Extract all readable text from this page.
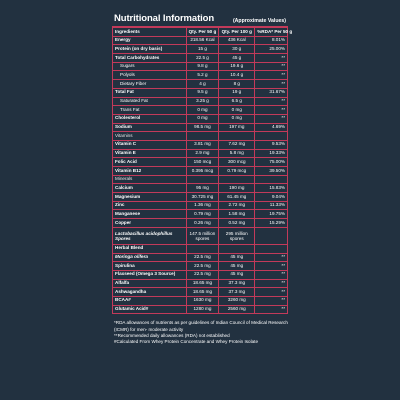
Nutritional Information	(Approximate Values)
Ingredients	Qty. Per 50 g	Qty. Per 100 g	%RDA* Per 50 g
Energy	218.56 Kcal	436 Kcal	8.01%
Protein (on dry basis)	15 g	30 g	25.00%
Total Carbohydrates	22.5 g	45 g	**
Sugars	9.8 g	19.6 g	**
Polyols	5.2 g	10.4 g	**
Dietary Fiber	4 g	8 g	**
Total Fat	9.5 g	19 g	31.67%
Saturated Fat	3.25 g	6.5 g	**
Trans Fat	0 mg	0 mg	**
Cholesterol	0 mg	0 mg	**
Sodium	98.5 mg	197 mg	4.69%
Vitamins			
Vitamin C	3.81 mg	7.62 mg	9.53%
Vitamin E	2.9 mg	5.8 mg	19.33%
Folic Acid	150 mcg	300 mcg	75.00%
Vitamin B12	0.395 mcg	0.79 mcg	39.50%
Minerals			
Calcium	95 mg	190 mg	15.83%
Magnesium	30.725 mg	61.45 mg	9.04%
Zinc	1.36 mg	2.72 mg	11.33%
Manganese	0.79 mg	1.58 mg	19.75%
Copper	0.26 mg	0.52 mg	15.29%
Lactobacillus acidophillus Spores	147.5 million spores	295 million spores	
Herbal Blend			
Moringa olifera	22.5 mg	45 mg	**
Spirulina	22.5 mg	45 mg	**
Flaxseed (Omega 3 Source)	22.5 mg	45 mg	**
Alfalfa	18.65 mg	37.3 mg	**
Ashwagandha	18.65 mg	37.3 mg	**
BCAA#	1630 mg	3260 mg	**
Glutamic Acid#	1280 mg	2560 mg	**

*RDA allowances of nutrients as per guidelines of Indian Council of Medical Research (ICMR) for men- moderate activity

**Recommended daily allowances (RDA) not established

#Calculated From Whey Protein Concentrate and Whey Protein Isolate
